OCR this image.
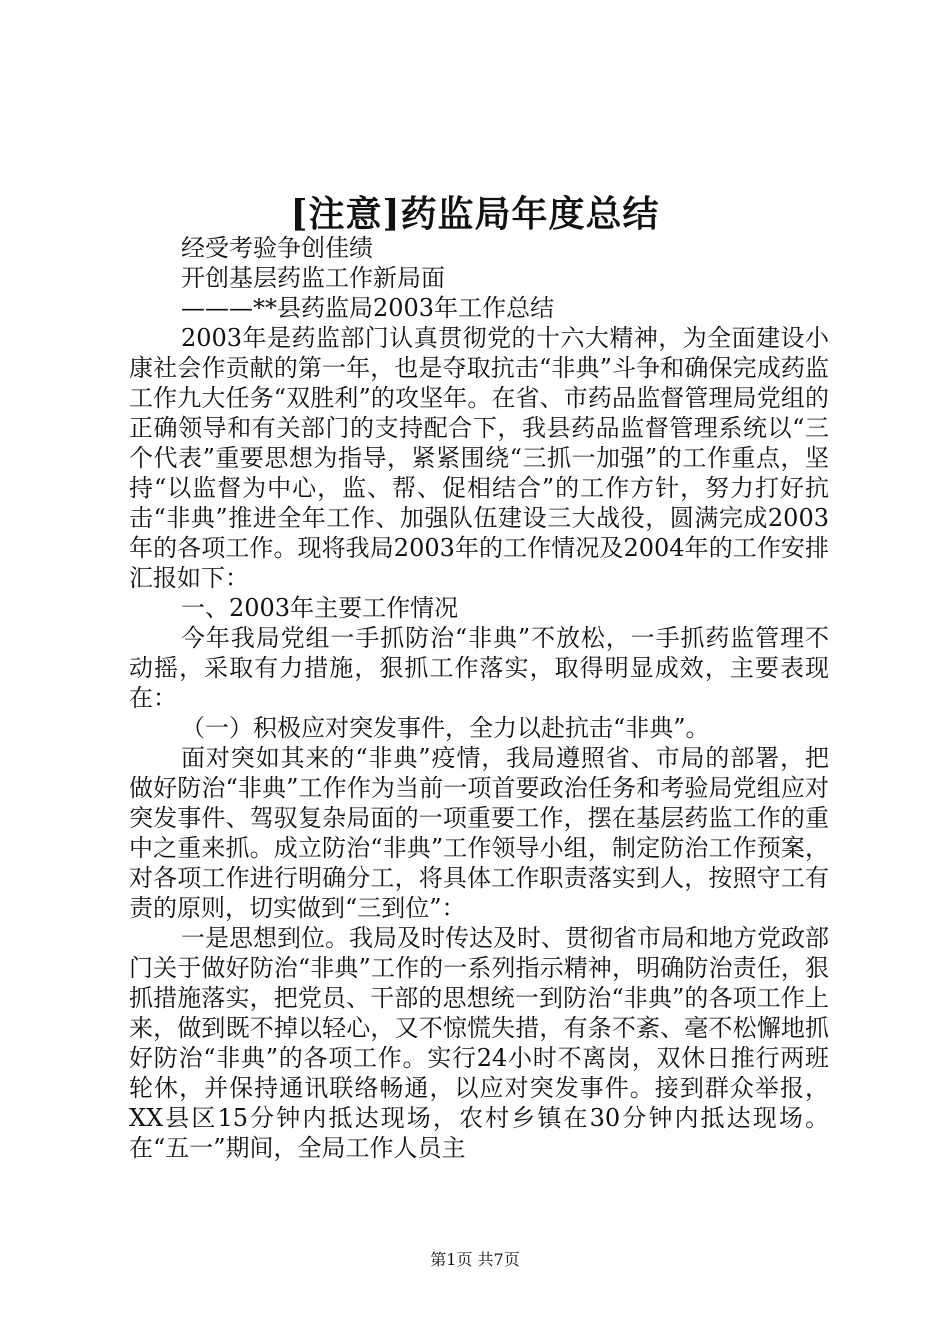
[注意]药监局年度总结

经受考验争创佳绩

开创基层药监工作新局面

———**县药监局2003年工作总结

2003年是药监部门认真贯彻党的十六大精神，为全面建设小康社会作贡献的第一年，也是夺取抗击“非典”斗争和确保完成药监工作九大任务“双胜利”的攻坚年。在省、市药品监督管理局党组的正确领导和有关部门的支持配合下，我县药品监督管理系统以“三个代表”重要思想为指导，紧紧围绕“三抓一加强”的工作重点，坚持“以监督为中心，监、帮、促相结合”的工作方针，努力打好抗击“非典”推进全年工作、加强队伍建设三大战役，圆满完成2003年的各项工作。现将我局2003年的工作情况及2004年的工作安排汇报如下：

一、2003年主要工作情况

今年我局党组一手抓防治“非典”不放松，一手抓药监管理不动摇，采取有力措施，狠抓工作落实，取得明显成效，主要表现在：

（一）积极应对突发事件，全力以赴抗击“非典”。

面对突如其来的“非典”疫情，我局遵照省、市局的部署，把做好防治“非典”工作作为当前一项首要政治任务和考验局党组应对突发事件、驾驭复杂局面的一项重要工作，摆在基层药监工作的重中之重来抓。成立防治“非典”工作领导小组，制定防治工作预案，对各项工作进行明确分工，将具体工作职责落实到人，按照守工有责的原则，切实做到“三到位”：

一是思想到位。我局及时传达及时、贯彻省市局和地方党政部门关于做好防治“非典”工作的一系列指示精神，明确防治责任，狠抓措施落实，把党员、干部的思想统一到防治“非典”的各项工作上来，做到既不掉以轻心，又不惊慌失措，有条不紊、毫不松懈地抓好防治“非典”的各项工作。实行24小时不离岗，双休日推行两班轮休，并保持通讯联络畅通，以应对突发事件。接到群众举报，XX县区15分钟内抵达现场，农村乡镇在30分钟内抵达现场。在“五一”期间，全局工作人员主

第1页 共7页
